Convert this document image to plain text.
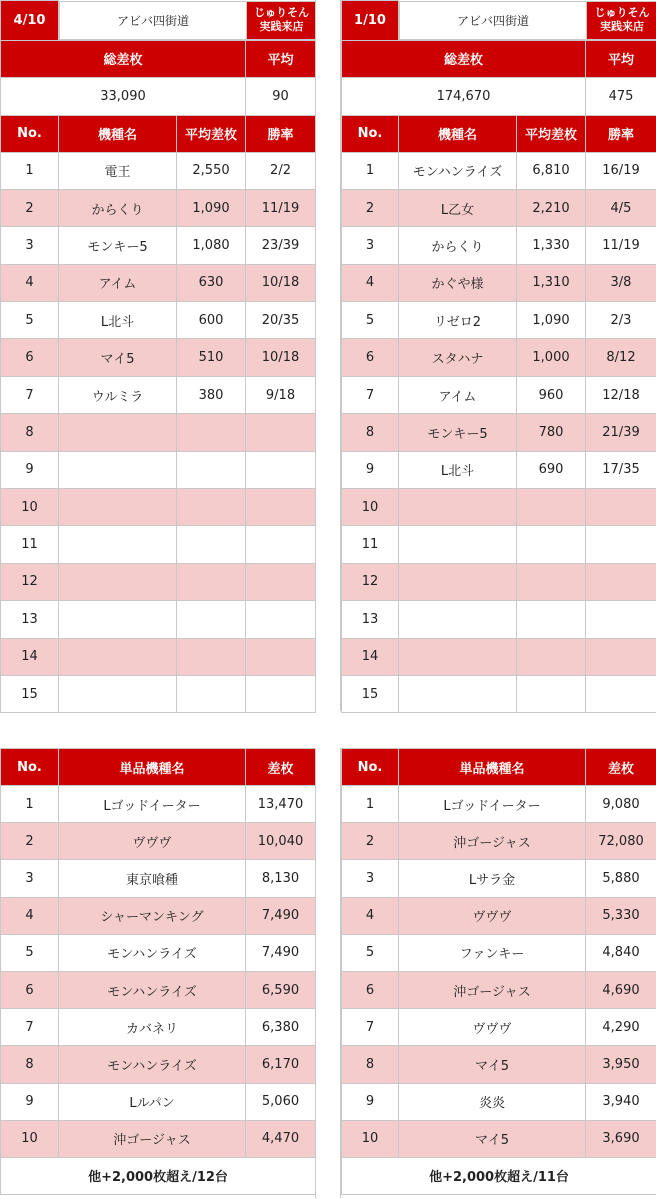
4/10		アビバ四街道	
じゅりそん
実践来店

総差枚	平均
33,090	90
No.	機種名	平均差枚	勝率
1	電王	2,550	2/2
2	からくり	1,090	11/19
3	モンキー5	1,080	23/39
4	アイム	630	10/18
5	L北斗	600	20/35
6	マイ5	510	10/18
7	ウルミラ	380	9/18
8			
9			
10			
11			
12			
13			
14			
15			
1/10		アビバ四街道	
じゅりそん
実践来店

総差枚	平均
174,670	475
No.	機種名	平均差枚	勝率
1	モンハンライズ	6,810	16/19
2	L乙女	2,210	4/5
3	からくり	1,330	11/19
4	かぐや様	1,310	3/8
5	リゼロ2	1,090	2/3
6	スタハナ	1,000	8/12
7	アイム	960	12/18
8	モンキー5	780	21/39
9	L北斗	690	17/35
10			
11			
12			
13			
14			
15			
No.	単品機種名	差枚
1	Lゴッドイーター	13,470
2	ヴヴヴ	10,040
3	東京喰種	8,130
4	シャーマンキング	7,490
5	モンハンライズ	7,490
6	モンハンライズ	6,590
7	カバネリ	6,380
8	モンハンライズ	6,170
9	Lルパン	5,060
10	沖ゴージャス	4,470
他+2,000枚超え/12台		
No.	単品機種名	差枚
1	Lゴッドイーター	9,080
2	沖ゴージャス	72,080
3	Lサラ金	5,880
4	ヴヴヴ	5,330
5	ファンキー	4,840
6	沖ゴージャス	4,690
7	ヴヴヴ	4,290
8	マイ5	3,950
9	炎炎	3,940
10	マイ5	3,690
他+2,000枚超え/11台		
